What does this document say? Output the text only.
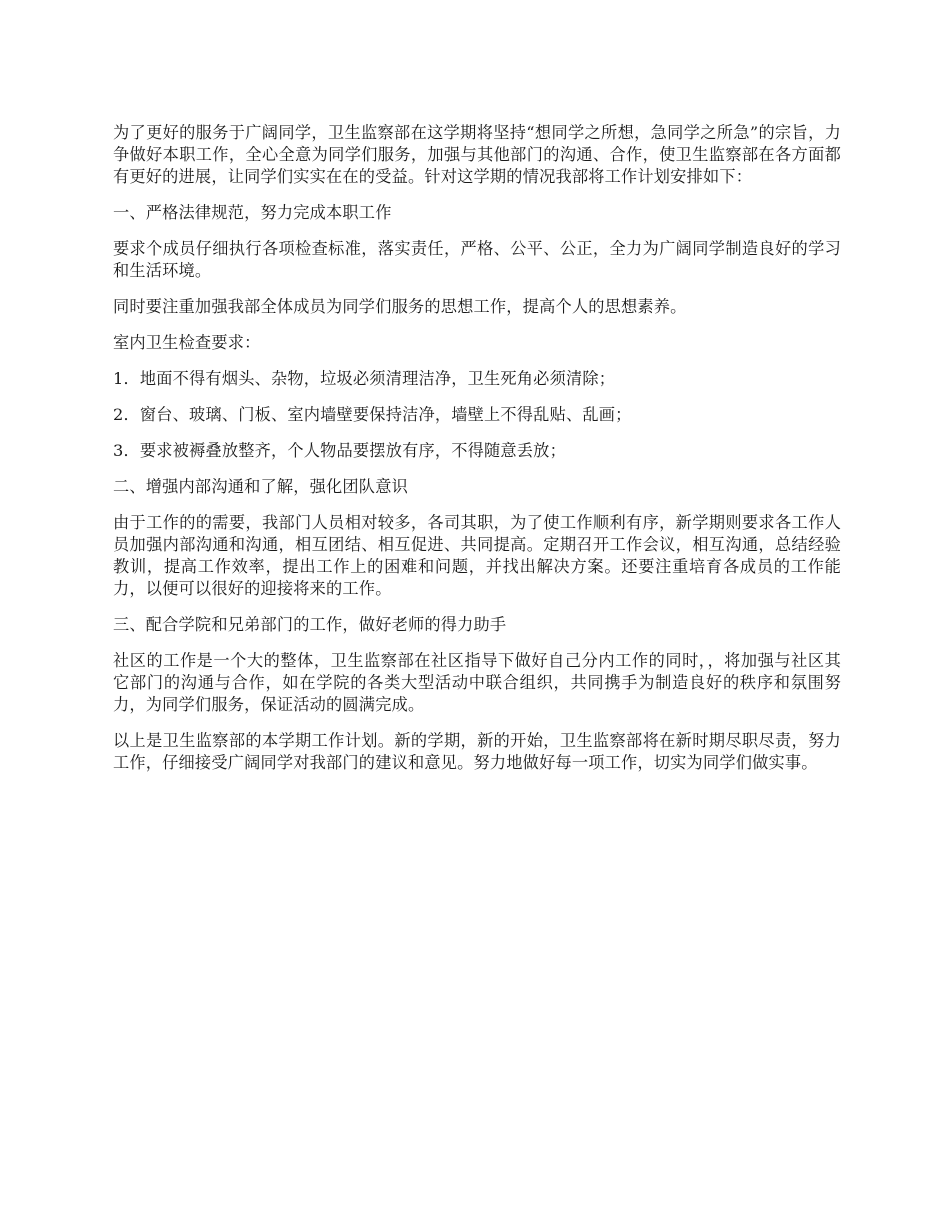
为了更好的服务于广阔同学，卫生监察部在这学期将坚持“想同学之所想，急同学之所急”的宗旨，力争做好本职工作，全心全意为同学们服务，加强与其他部门的沟通、合作，使卫生监察部在各方面都有更好的进展，让同学们实实在在的受益。针对这学期的情况我部将工作计划安排如下：

一、严格法律规范，努力完成本职工作

要求个成员仔细执行各项检查标准，落实责任，严格、公平、公正，全力为广阔同学制造良好的学习和生活环境。

同时要注重加强我部全体成员为同学们服务的思想工作，提高个人的思想素养。

室内卫生检查要求：

1．地面不得有烟头、杂物，垃圾必须清理洁净，卫生死角必须清除；

2．窗台、玻璃、门板、室内墙壁要保持洁净，墙壁上不得乱贴、乱画；

3．要求被褥叠放整齐，个人物品要摆放有序，不得随意丢放；

二、增强内部沟通和了解，强化团队意识

由于工作的的需要，我部门人员相对较多，各司其职，为了使工作顺利有序，新学期则要求各工作人员加强内部沟通和沟通，相互团结、相互促进、共同提高。定期召开工作会议，相互沟通，总结经验教训，提高工作效率，提出工作上的困难和问题，并找出解决方案。还要注重培育各成员的工作能力，以便可以很好的迎接将来的工作。

三、配合学院和兄弟部门的工作，做好老师的得力助手

社区的工作是一个大的整体，卫生监察部在社区指导下做好自己分内工作的同时，，将加强与社区其它部门的沟通与合作，如在学院的各类大型活动中联合组织，共同携手为制造良好的秩序和氛围努力，为同学们服务，保证活动的圆满完成。

以上是卫生监察部的本学期工作计划。新的学期，新的开始，卫生监察部将在新时期尽职尽责，努力工作，仔细接受广阔同学对我部门的建议和意见。努力地做好每一项工作，切实为同学们做实事。
